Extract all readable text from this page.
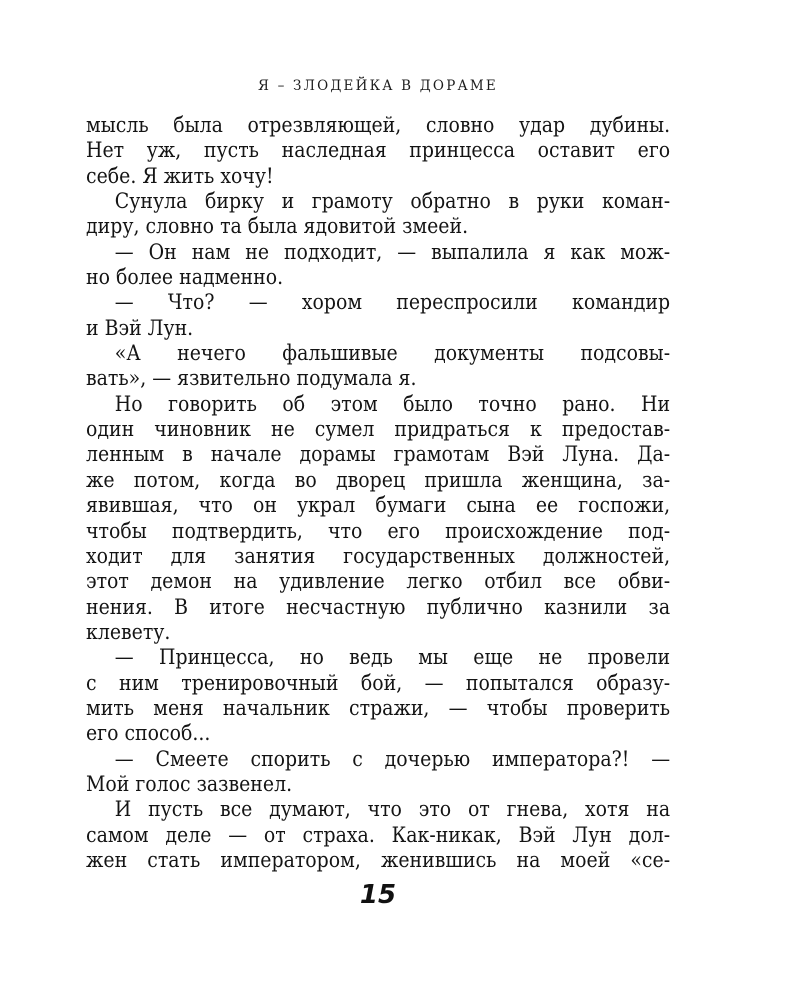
Я – ЗЛОДЕЙКА В ДОРАМЕ
мысль была отрезвляющей, словно удар дубины.
Нет уж, пусть наследная принцесса оставит его
себе. Я жить хочу!
Сунула бирку и грамоту обратно в руки коман-
диру, словно та была ядовитой змеей.
— Он нам не подходит, — выпалила я как мож-
но более надменно.
— Что? — хором переспросили командир
и Вэй Лун.
«А нечего фальшивые документы подсовы-
вать», — язвительно подумала я.
Но говорить об этом было точно рано. Ни
один чиновник не сумел придраться к предостав-
ленным в начале дорамы грамотам Вэй Луна. Да-
же потом, когда во дворец пришла женщина, за-
явившая, что он украл бумаги сына ее госпожи,
чтобы подтвердить, что его происхождение под-
ходит для занятия государственных должностей,
этот демон на удивление легко отбил все обви-
нения. В итоге несчастную публично казнили за
клевету.
— Принцесса, но ведь мы еще не провели
с ним тренировочный бой, — попытался образу-
мить меня начальник стражи, — чтобы проверить
его способ...
— Смеете спорить с дочерью императора?! —
Мой голос зазвенел.
И пусть все думают, что это от гнева, хотя на
самом деле — от страха. Как-никак, Вэй Лун дол-
жен стать императором, женившись на моей «се-
15
